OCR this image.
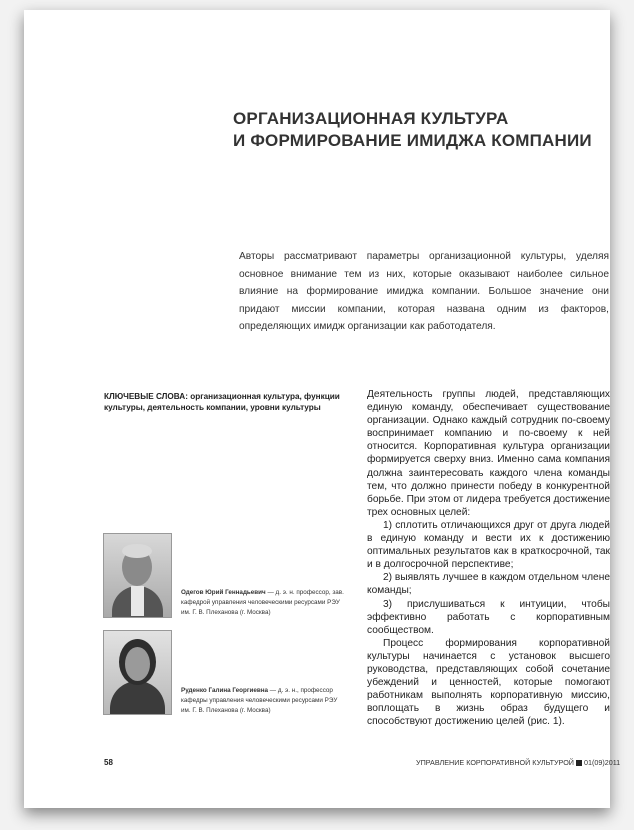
ОРГАНИЗАЦИОННАЯ КУЛЬТУРА
И ФОРМИРОВАНИЕ ИМИДЖА КОМПАНИИ
Авторы рассматривают параметры организационной культуры, уделяя основное внимание тем из них, которые оказывают наиболее сильное влияние на формирование имиджа компании. Большое значение они придают миссии компании, которая названа одним из факторов, определяющих имидж организации как работодателя.
КЛЮЧЕВЫЕ СЛОВА: организационная культура, функции культуры, деятельность компании, уровни культуры
Одегов Юрий Геннадьевич — д. э. н. профессор, зав. кафедрой управления человеческими ресурсами РЭУ им. Г. В. Плеханова (г. Москва)
Руденко Галина Георгиевна — д. э. н., профессор кафедры управления человеческими ресурсами РЭУ им. Г. В. Плеханова (г. Москва)

Деятельность группы людей, представляющих единую команду, обеспечивает существование организации. Однако каждый сотрудник по-своему воспринимает компанию и по-своему к ней относится. Корпоративная культура организации формируется сверху вниз. Именно сама компания должна заинтересовать каждого члена команды тем, что должно принести победу в конкурентной борьбе. При этом от лидера требуется достижение трех основных целей:

1) сплотить отличающихся друг от друга людей в единую команду и вести их к достижению оптимальных результатов как в краткосрочной, так и в долгосрочной перспективе;

2) выявлять лучшее в каждом отдельном члене команды;

3) прислушиваться к интуиции, чтобы эффективно работать с корпоративным сообществом.

Процесс формирования корпоративной культуры начинается с установок высшего руководства, представляющих собой сочетание убеждений и ценностей, которые помогают работникам выполнять корпоративную миссию, воплощать в жизнь образ будущего и способствуют достижению целей (рис. 1).

58	УПРАВЛЕНИЕ КОРПОРАТИВНОЙ КУЛЬТУРОЙ 01(09)2011
